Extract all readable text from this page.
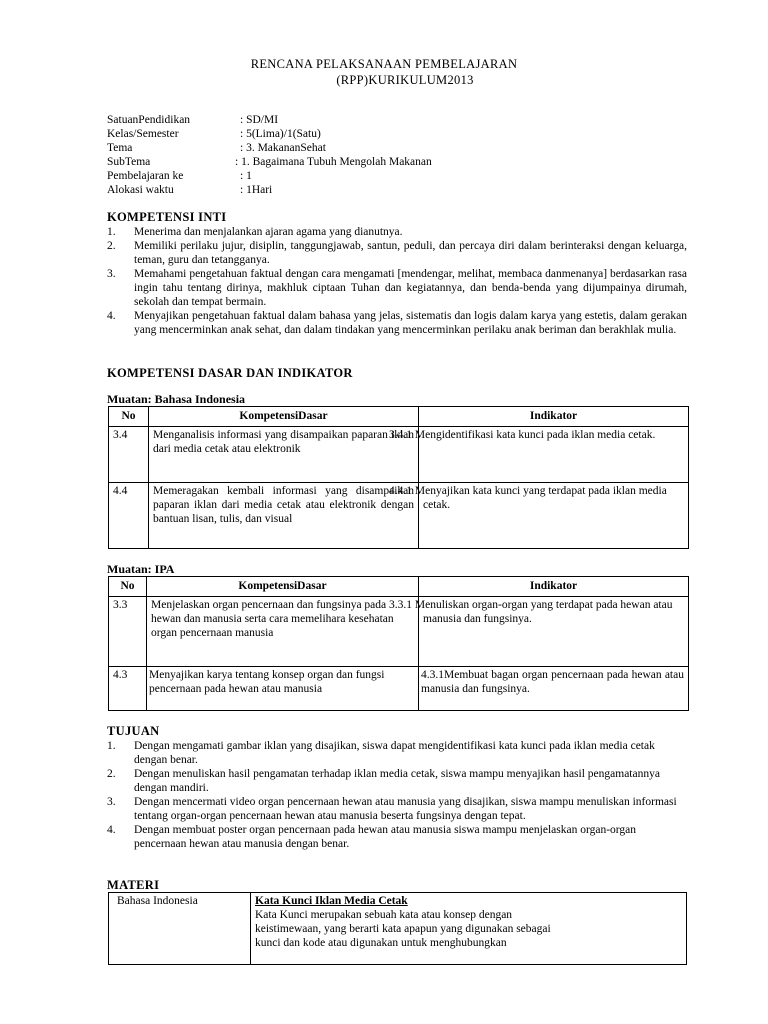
RENCANA PELAKSANAAN PEMBELAJARAN
(RPP)KURIKULUM2013
SatuanPendidikan	: SD/MI
Kelas/Semester	: 5(Lima)/1(Satu)
Tema	: 3. MakananSehat
SubTema	: 1. Bagaimana Tubuh Mengolah Makanan
Pembelajaran ke	: 1
Alokasi waktu	: 1Hari
KOMPETENSI INTI
1. Menerima dan menjalankan ajaran agama yang dianutnya.
2. Memiliki perilaku jujur, disiplin, tanggungjawab, santun, peduli, dan percaya diri dalam berinteraksi dengan keluarga, teman, guru dan tetangganya.
3. Memahami pengetahuan faktual dengan cara mengamati [mendengar, melihat, membaca danmenanya] berdasarkan rasa ingin tahu tentang dirinya, makhluk ciptaan Tuhan dan kegiatannya, dan benda-benda yang dijumpainya dirumah, sekolah dan tempat bermain.
4. Menyajikan pengetahuan faktual dalam bahasa yang jelas, sistematis dan logis dalam karya yang estetis, dalam gerakan yang mencerminkan anak sehat, dan dalam tindakan yang mencerminkan perilaku anak beriman dan berakhlak mulia.
KOMPETENSI DASAR DAN INDIKATOR
Muatan: Bahasa Indonesia
No	KompetensiDasar	Indikator
3.4	Menganalisis informasi yang disampaikan paparan iklan dari media cetak atau elektronik	3.4.1 Mengidentifikasi kata kunci pada iklan media cetak.
4.4	Memeragakan kembali informasi yang disampaikan paparan iklan dari media cetak atau elektronik dengan bantuan lisan, tulis, dan visual	4.4.1 Menyajikan kata kunci yang terdapat pada iklan media cetak.
Muatan: IPA
No	KompetensiDasar	Indikator
3.3	Menjelaskan organ pencernaan dan fungsinya pada hewan dan manusia serta cara memelihara kesehatan organ pencernaan manusia	3.3.1 Menuliskan organ-organ yang terdapat pada hewan atau manusia dan fungsinya.
4.3	Menyajikan karya tentang konsep organ dan fungsi pencernaan pada hewan atau manusia	4.3.1Membuat bagan organ pencernaan pada hewan atau manusia dan fungsinya.
TUJUAN
1. Dengan mengamati gambar iklan yang disajikan, siswa dapat mengidentifikasi kata kunci pada iklan media cetak dengan benar.
2. Dengan menuliskan hasil pengamatan terhadap iklan media cetak, siswa mampu menyajikan hasil pengamatannya dengan mandiri.
3. Dengan mencermati video organ pencernaan hewan atau manusia yang disajikan, siswa mampu menuliskan informasi tentang organ-organ pencernaan hewan atau manusia beserta fungsinya dengan tepat.
4. Dengan membuat poster organ pencernaan pada hewan atau manusia siswa mampu menjelaskan organ-organ pencernaan hewan atau manusia dengan benar.
MATERI
Bahasa Indonesia	Kata Kunci Iklan Media Cetak
Kata Kunci merupakan sebuah kata atau konsep dengan keistimewaan, yang berarti kata apapun yang digunakan sebagai kunci dan kode atau digunakan untuk menghubungkan
